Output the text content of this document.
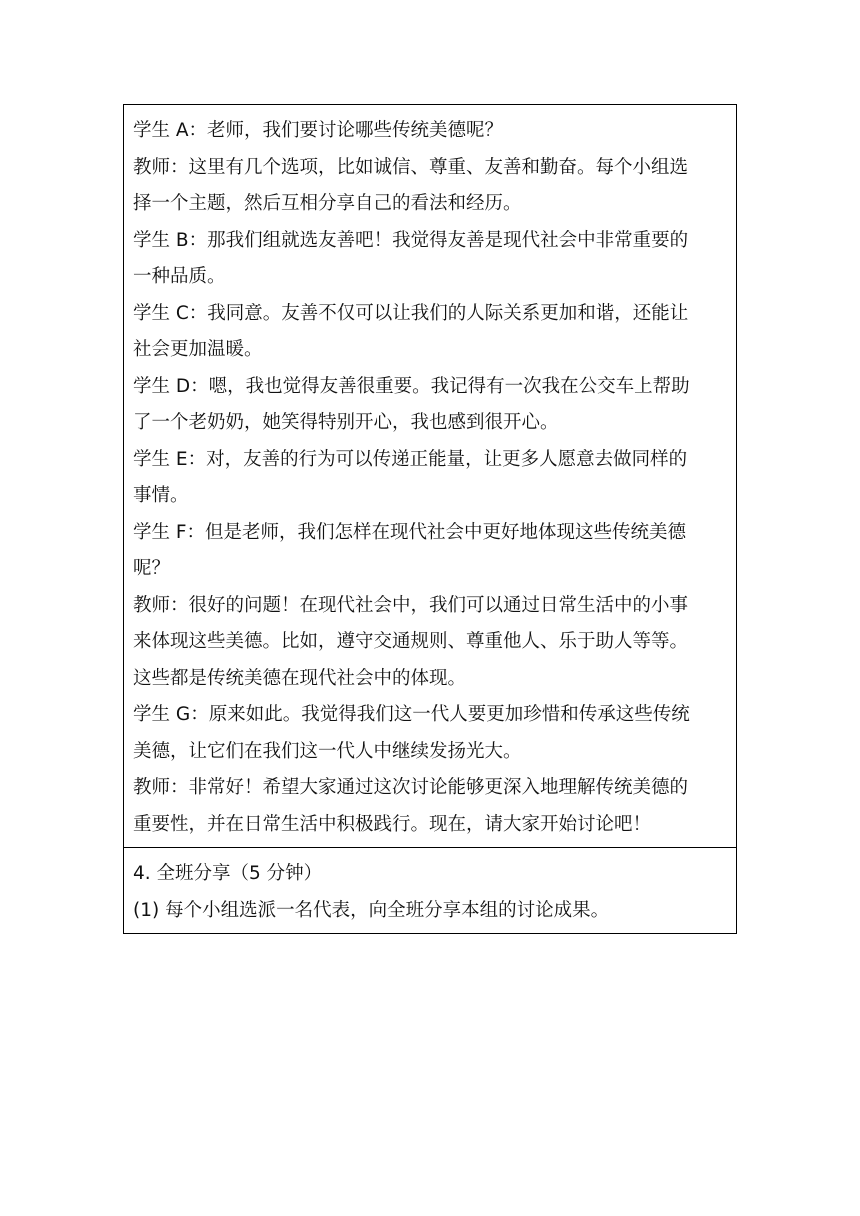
学生 A：老师，我们要讨论哪些传统美德呢？
教师：这里有几个选项，比如诚信、尊重、友善和勤奋。每个小组选
择一个主题，然后互相分享自己的看法和经历。
学生 B：那我们组就选友善吧！我觉得友善是现代社会中非常重要的
一种品质。
学生 C：我同意。友善不仅可以让我们的人际关系更加和谐，还能让
社会更加温暖。
学生 D：嗯，我也觉得友善很重要。我记得有一次我在公交车上帮助
了一个老奶奶，她笑得特别开心，我也感到很开心。
学生 E：对，友善的行为可以传递正能量，让更多人愿意去做同样的
事情。
学生 F：但是老师，我们怎样在现代社会中更好地体现这些传统美德
呢？
教师：很好的问题！在现代社会中，我们可以通过日常生活中的小事
来体现这些美德。比如，遵守交通规则、尊重他人、乐于助人等等。
这些都是传统美德在现代社会中的体现。
学生 G：原来如此。我觉得我们这一代人要更加珍惜和传承这些传统
美德，让它们在我们这一代人中继续发扬光大。
教师：非常好！希望大家通过这次讨论能够更深入地理解传统美德的
重要性，并在日常生活中积极践行。现在，请大家开始讨论吧！
4. 全班分享（5 分钟）
(1) 每个小组选派一名代表，向全班分享本组的讨论成果。
